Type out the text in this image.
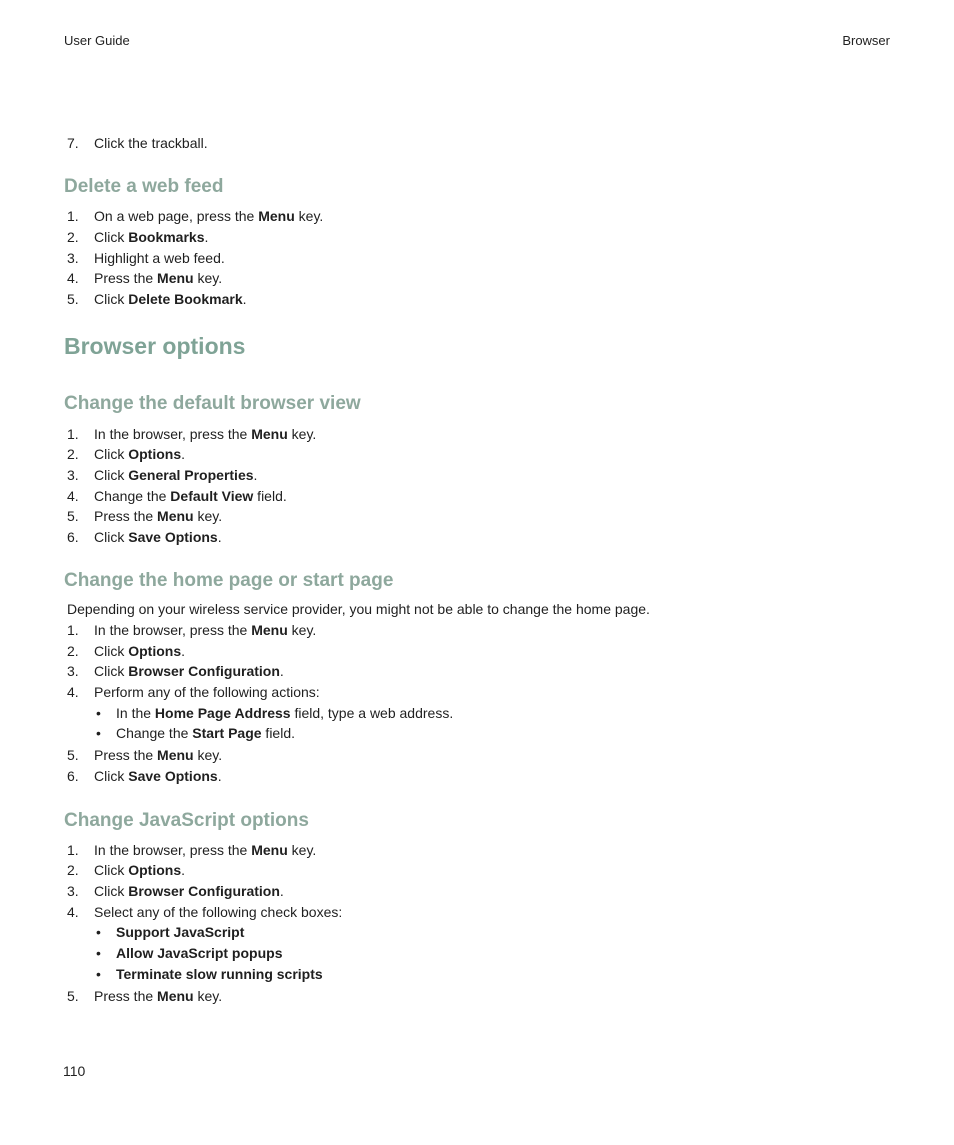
User Guide	Browser
7.	Click the trackball.
Delete a web feed
1.	On a web page, press the Menu key.
2.	Click Bookmarks.
3.	Highlight a web feed.
4.	Press the Menu key.
5.	Click Delete Bookmark.
Browser options
Change the default browser view
1.	In the browser, press the Menu key.
2.	Click Options.
3.	Click General Properties.
4.	Change the Default View field.
5.	Press the Menu key.
6.	Click Save Options.
Change the home page or start page
Depending on your wireless service provider, you might not be able to change the home page.
1.	In the browser, press the Menu key.
2.	Click Options.
3.	Click Browser Configuration.
4.	Perform any of the following actions:
• In the Home Page Address field, type a web address.
• Change the Start Page field.
5.	Press the Menu key.
6.	Click Save Options.
Change JavaScript options
1.	In the browser, press the Menu key.
2.	Click Options.
3.	Click Browser Configuration.
4.	Select any of the following check boxes:
• Support JavaScript
• Allow JavaScript popups
• Terminate slow running scripts
5.	Press the Menu key.
110
